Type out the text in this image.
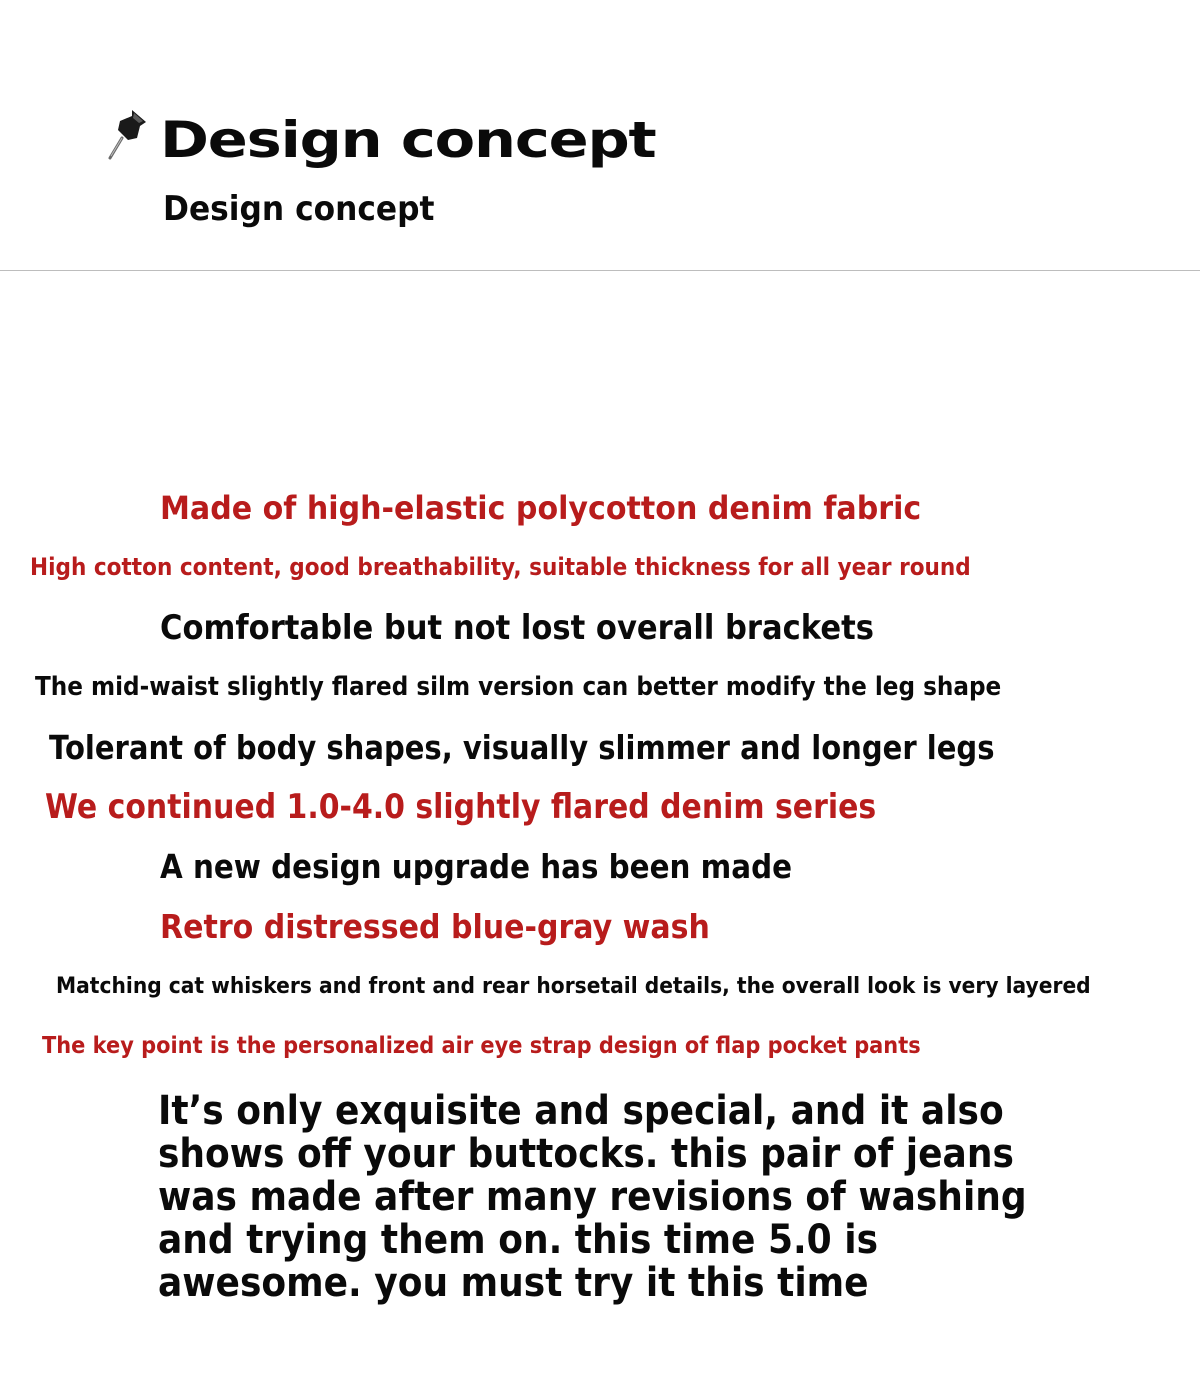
Design concept
Design concept
Made of high-elastic polycotton denim fabric
High cotton content, good breathability, suitable thickness for all year round
Comfortable but not lost overall brackets
The mid-waist slightly flared silm version can better modify the leg shape
Tolerant of body shapes, visually slimmer and longer legs
We continued 1.0-4.0 slightly flared denim series
A new design upgrade has been made
Retro distressed blue-gray wash
Matching cat whiskers and front and rear horsetail details, the overall look is very layered
The key point is the personalized air eye strap design of flap pocket pants
It’s only exquisite and special, and it also
shows off your buttocks. this pair of jeans
was made after many revisions of washing
and trying them on. this time 5.0 is
awesome. you must try it this time
